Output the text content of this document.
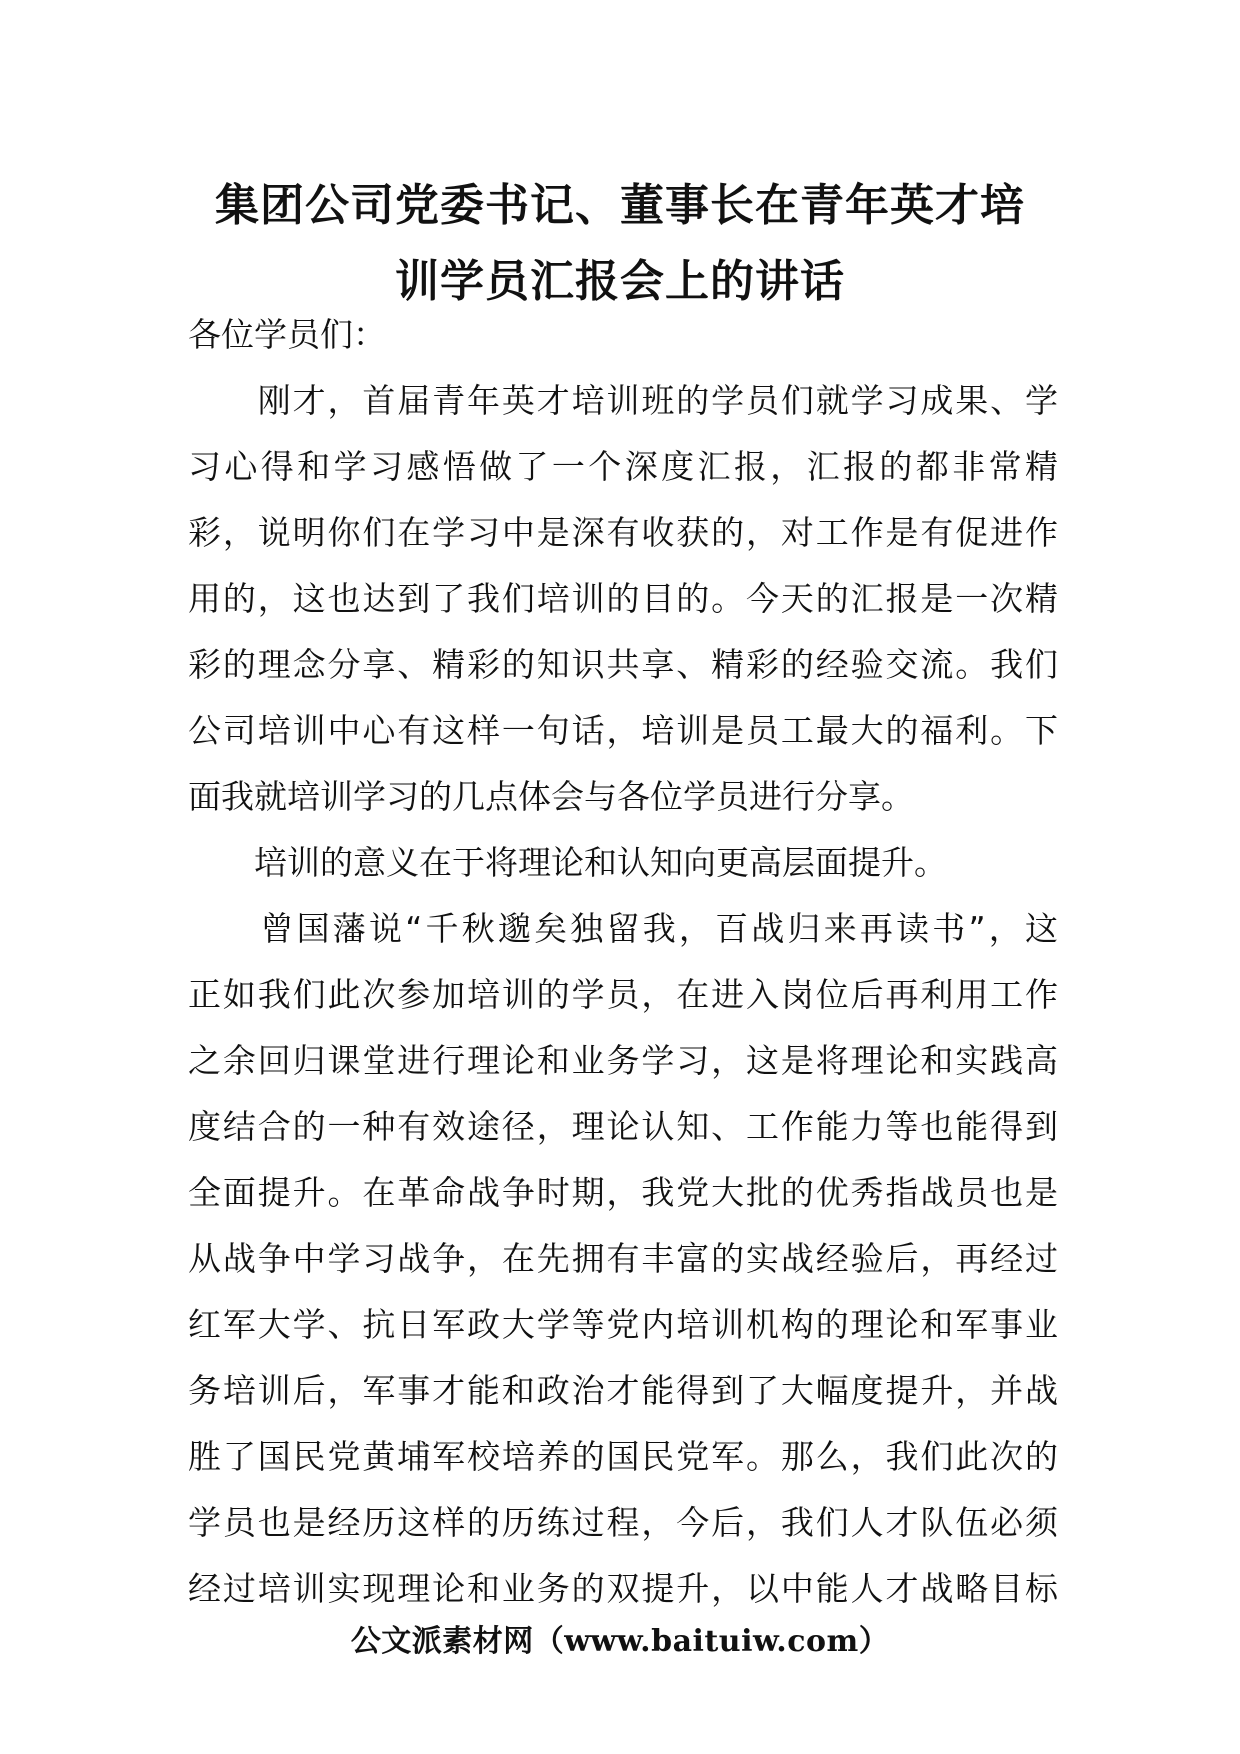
集团公司党委书记、董事长在青年英才培
训学员汇报会上的讲话
各位学员们：
　　刚才，首届青年英才培训班的学员们就学习成果、学
习心得和学习感悟做了一个深度汇报，汇报的都非常精
彩，说明你们在学习中是深有收获的，对工作是有促进作
用的，这也达到了我们培训的目的。今天的汇报是一次精
彩的理念分享、精彩的知识共享、精彩的经验交流。我们
公司培训中心有这样一句话，培训是员工最大的福利。下
面我就培训学习的几点体会与各位学员进行分享。
　　培训的意义在于将理论和认知向更高层面提升。
　　曾国藩说“千秋邈矣独留我，百战归来再读书”，这
正如我们此次参加培训的学员，在进入岗位后再利用工作
之余回归课堂进行理论和业务学习，这是将理论和实践高
度结合的一种有效途径，理论认知、工作能力等也能得到
全面提升。在革命战争时期，我党大批的优秀指战员也是
从战争中学习战争，在先拥有丰富的实战经验后，再经过
红军大学、抗日军政大学等党内培训机构的理论和军事业
务培训后，军事才能和政治才能得到了大幅度提升，并战
胜了国民党黄埔军校培养的国民党军。那么，我们此次的
学员也是经历这样的历练过程，今后，我们人才队伍必须
经过培训实现理论和业务的双提升，以中能人才战略目标
公文派素材网（www.baituiw.com）
